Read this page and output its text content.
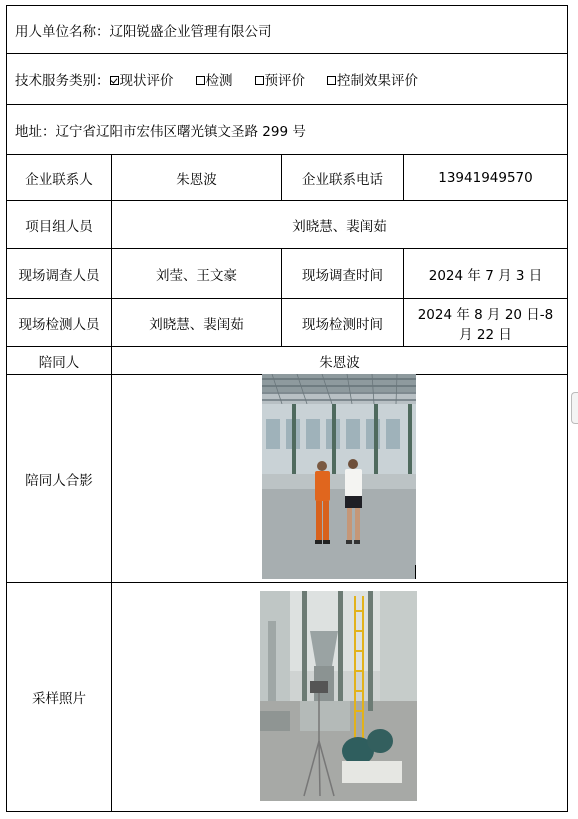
用人单位名称：辽阳锐盛企业管理有限公司			
技术服务类别： 现状评价 检测 预评价 控制效果评价			
地址：辽宁省辽阳市宏伟区曙光镇文圣路 299 号			
企业联系人	朱恩波	企业联系电话	13941949570
项目组人员	刘晓慧、裴闺茹		
现场调查人员	刘莹、王文豪	现场调查时间	2024 年 7 月 3 日
现场检测人员	刘晓慧、裴闺茹	现场检测时间	2024 年 8 月 20 日-8 月 22 日
陪同人	朱恩波		
陪同人合影	

采样照片	
